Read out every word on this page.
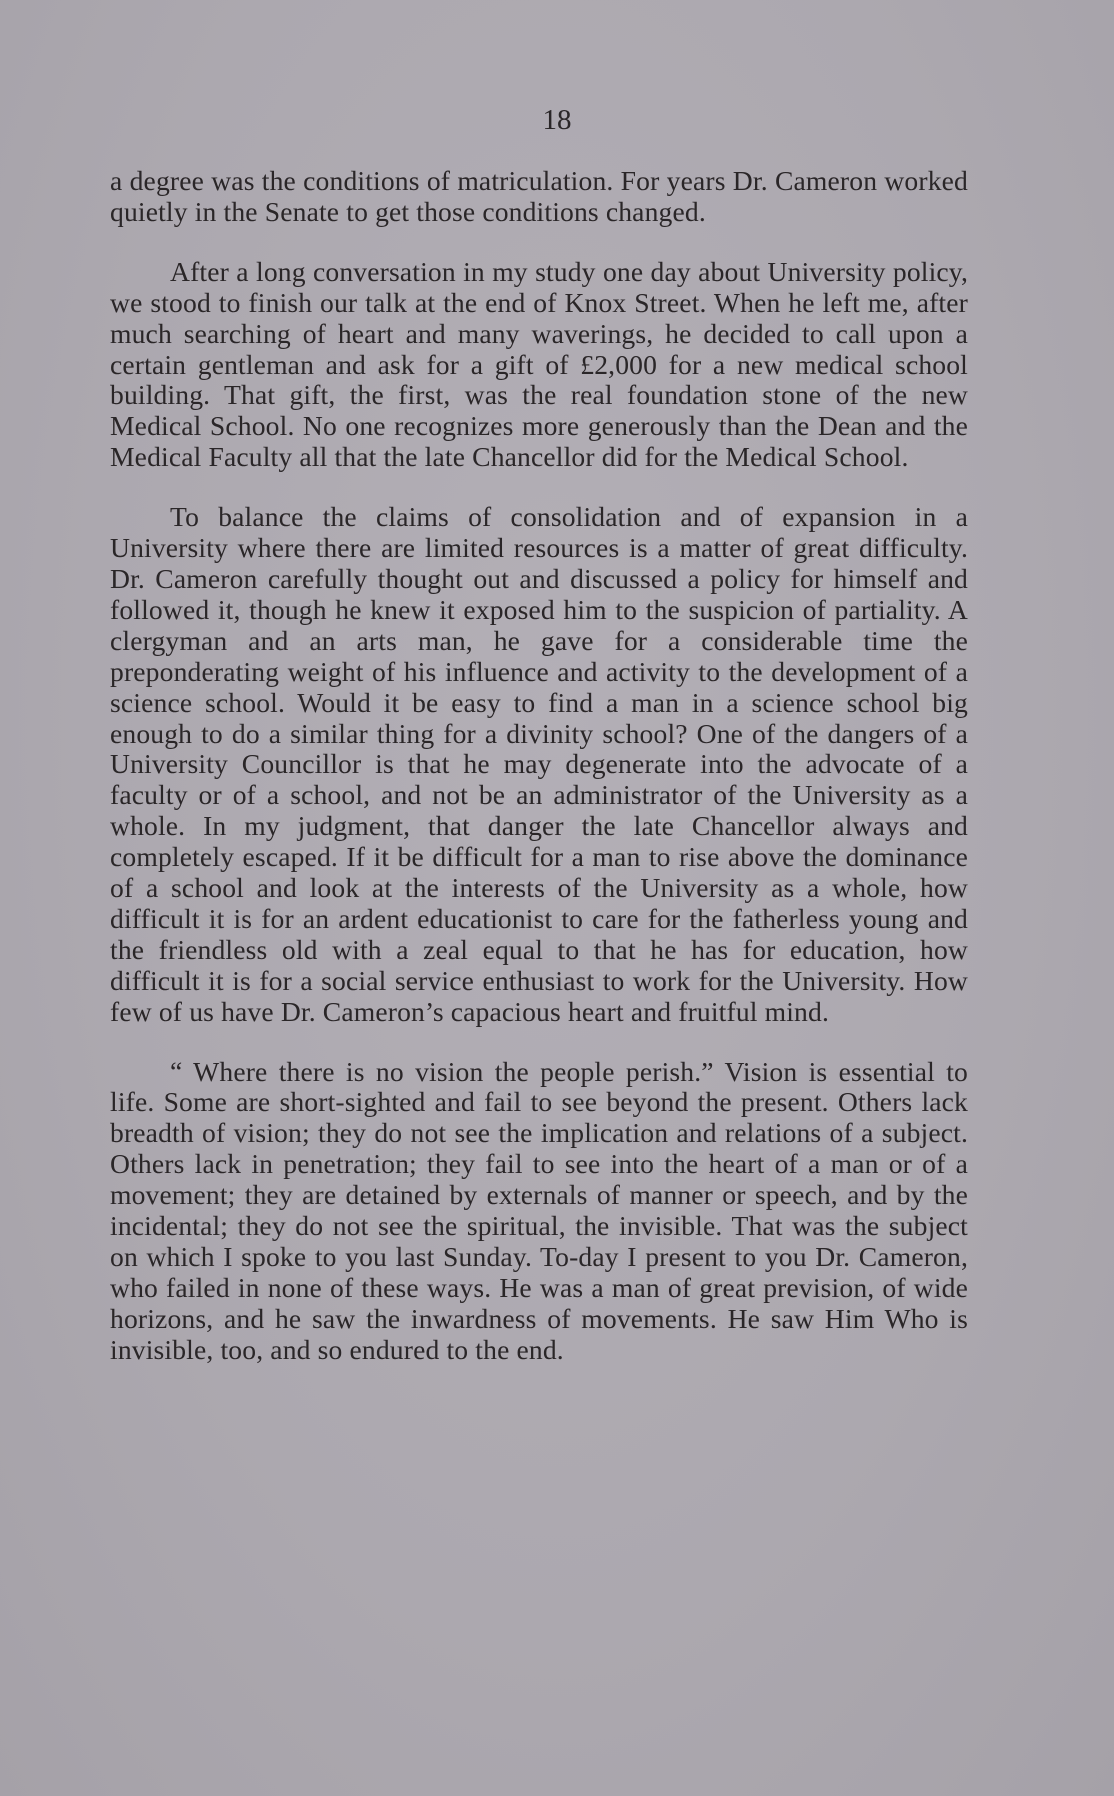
18

a degree was the conditions of matriculation. For years Dr. Cameron worked quietly in the Senate to get those conditions changed.

After a long conversation in my study one day about University policy, we stood to finish our talk at the end of Knox Street. When he left me, after much searching of heart and many waverings, he decided to call upon a certain gentleman and ask for a gift of £2,000 for a new medical school building. That gift, the first, was the real foundation stone of the new Medical School. No one recognizes more generously than the Dean and the Medical Faculty all that the late Chancellor did for the Medical School.

To balance the claims of consolidation and of expansion in a University where there are limited resources is a matter of great difficulty. Dr. Cameron carefully thought out and discussed a policy for himself and followed it, though he knew it exposed him to the suspicion of partiality. A clergyman and an arts man, he gave for a considerable time the preponderating weight of his influence and activity to the development of a science school. Would it be easy to find a man in a science school big enough to do a similar thing for a divinity school? One of the dangers of a University Councillor is that he may degenerate into the advocate of a faculty or of a school, and not be an administrator of the University as a whole. In my judgment, that danger the late Chancellor always and completely escaped. If it be difficult for a man to rise above the dominance of a school and look at the interests of the University as a whole, how difficult it is for an ardent educationist to care for the fatherless young and the friendless old with a zeal equal to that he has for education, how difficult it is for a social service enthusiast to work for the University. How few of us have Dr. Cameron’s capacious heart and fruitful mind.

“ Where there is no vision the people perish.” Vision is essential to life. Some are short-sighted and fail to see beyond the present. Others lack breadth of vision; they do not see the implication and relations of a subject. Others lack in penetration; they fail to see into the heart of a man or of a movement; they are detained by externals of manner or speech, and by the incidental; they do not see the spiritual, the invisible. That was the subject on which I spoke to you last Sunday. To-day I present to you Dr. Cameron, who failed in none of these ways. He was a man of great prevision, of wide horizons, and he saw the inwardness of movements. He saw Him Who is invisible, too, and so endured to the end.
